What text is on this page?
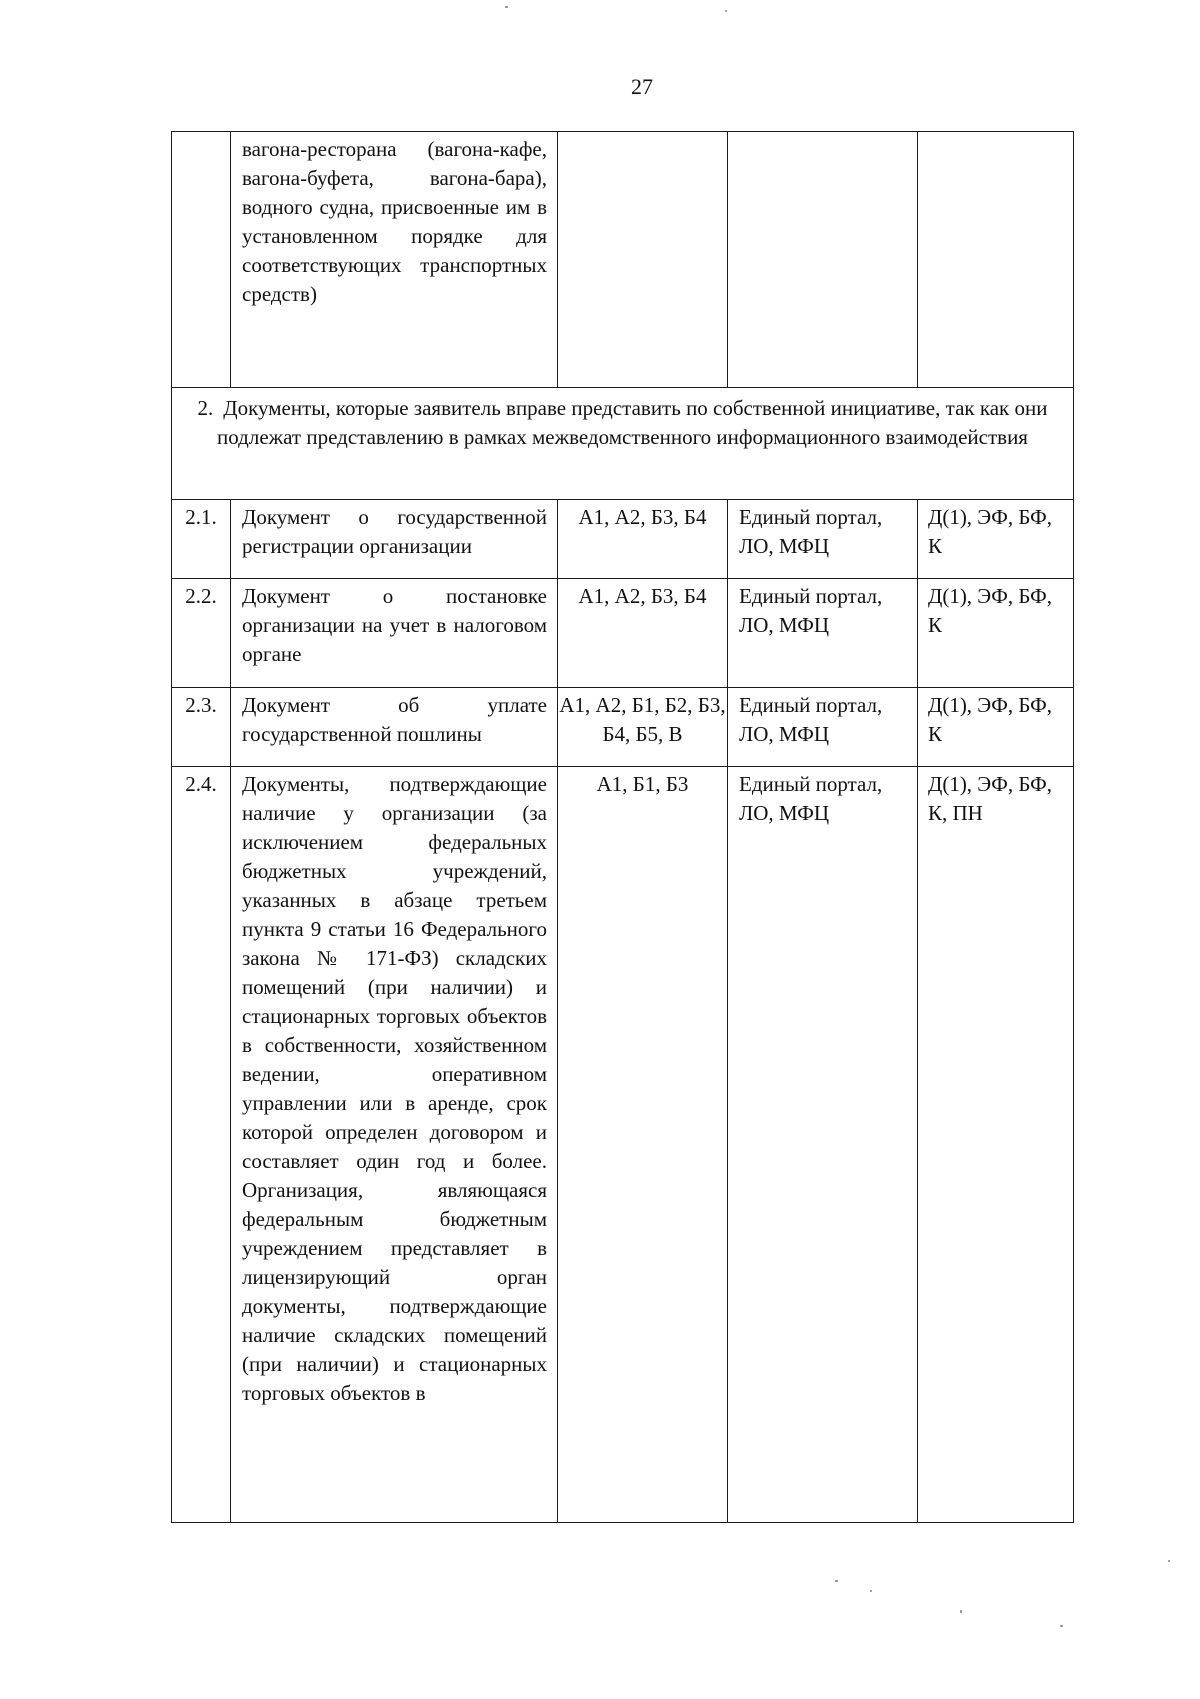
27
	вагона-ресторана (вагона-кафе, вагона-буфета, вагона-бара), водного судна, присвоенные им в установленном порядке для соответствующих транспортных средств)			
2. Документы, которые заявитель вправе представить по собственной инициативе, так как они подлежат представлению в рамках межведомственного информационного взаимодействия				
2.1.	Документ о государственной регистрации организации	А1, А2, Б3, Б4	Единый портал, ЛО, МФЦ	Д(1), ЭФ, БФ, К
2.2.	Документ о постановке организации на учет в налоговом органе	А1, А2, Б3, Б4	Единый портал, ЛО, МФЦ	Д(1), ЭФ, БФ, К
2.3.	Документ об уплате государственной пошлины	А1, А2, Б1, Б2, Б3, Б4, Б5, В	Единый портал, ЛО, МФЦ	Д(1), ЭФ, БФ, К
2.4.	Документы, подтверждающие наличие у организации (за исключением федеральных бюджетных учреждений, указанных в абзаце третьем пункта 9 статьи 16 Федерального закона № 171-ФЗ) складских помещений (при наличии) и стационарных торговых объектов в собственности, хозяйственном ведении, оперативном управлении или в аренде, срок которой определен договором и составляет один год и более. Организация, являющаяся федеральным бюджетным учреждением представляет в лицензирующий орган документы, подтверждающие наличие складских помещений (при наличии) и стационарных торговых объектов в	А1, Б1, Б3	Единый портал, ЛО, МФЦ	Д(1), ЭФ, БФ, К, ПН
